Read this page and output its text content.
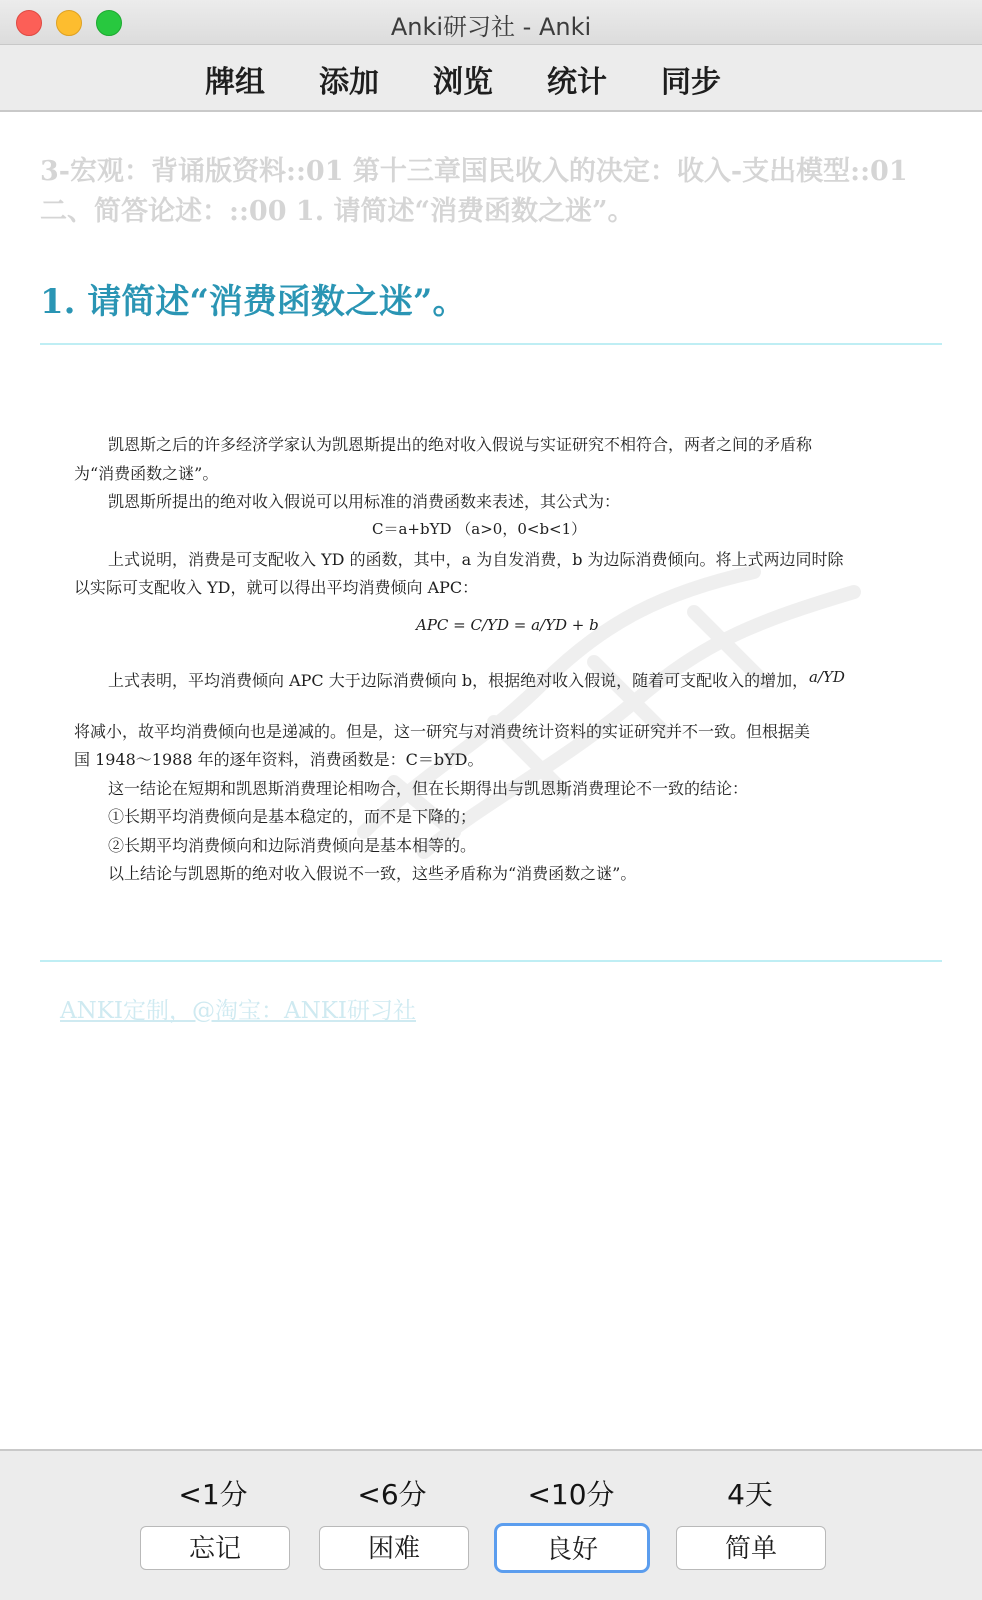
Anki研习社 - Anki
牌组 添加 浏览 统计 同步
3-宏观：背诵版资料::01 第十三章国民收入的决定：收入-支出模型::01
二、简答论述：::00 1. 请简述“消费函数之迷”。
1. 请简述“消费函数之迷”。
凯恩斯之后的许多经济学家认为凯恩斯提出的绝对收入假说与实证研究不相符合，两者之间的矛盾称
为“消费函数之谜”。
凯恩斯所提出的绝对收入假说可以用标准的消费函数来表述，其公式为：
C＝a+bYD （a>0，0<b<1）
上式说明，消费是可支配收入 YD 的函数，其中，a 为自发消费，b 为边际消费倾向。将上式两边同时除
以实际可支配收入 YD，就可以得出平均消费倾向 APC：
APC = C/YD = a/YD + b
上式表明，平均消费倾向 APC 大于边际消费倾向 b，根据绝对收入假说，随着可支配收入的增加， a/YD
将减小，故平均消费倾向也是递减的。但是，这一研究与对消费统计资料的实证研究并不一致。但根据美
国 1948～1988 年的逐年资料，消费函数是：C＝bYD。
这一结论在短期和凯恩斯消费理论相吻合，但在长期得出与凯恩斯消费理论不一致的结论：
①长期平均消费倾向是基本稳定的，而不是下降的；
②长期平均消费倾向和边际消费倾向是基本相等的。
以上结论与凯恩斯的绝对收入假说不一致，这些矛盾称为“消费函数之谜”。
ANKI定制，@淘宝：ANKI研习社
<1分	<6分	<10分	4天
忘记	困难	良好	简单
